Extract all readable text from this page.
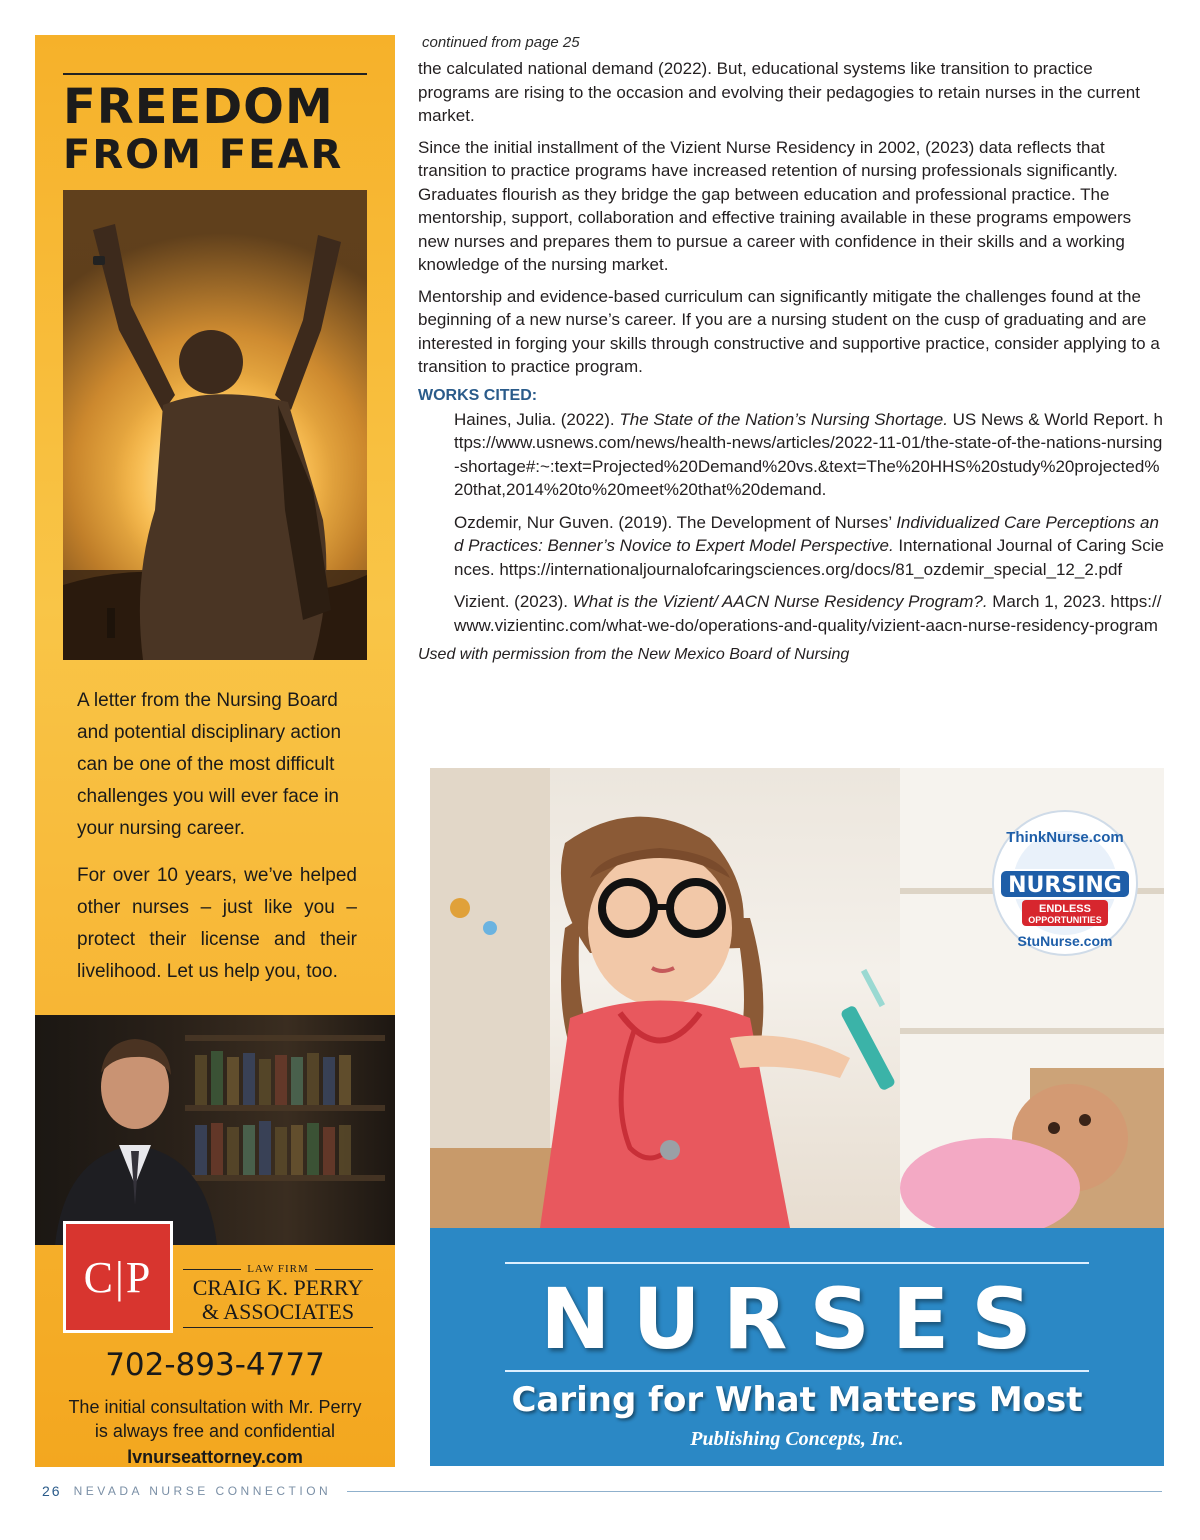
FREEDOM
FROM FEAR

A letter from the Nursing Board and potential disciplinary action can be one of the most difficult challenges you will ever face in your nursing career.

For over 10 years, we’ve helped other nurses – just like you – protect their license and their livelihood. Let us help you, too.

C|P	LAW FIRM
CRAIG K. PERRY
& ASSOCIATES
702-893-4777
The initial consultation with Mr. Perry
is always free and confidential
lvnurseattorney.com
continued from page 25

the calculated national demand (2022). But, educational systems like transition to practice programs are rising to the occasion and evolving their pedagogies to retain nurses in the current market.

Since the initial installment of the Vizient Nurse Residency in 2002, (2023) data reflects that transition to practice programs have increased retention of nursing professionals significantly. Graduates flourish as they bridge the gap between education and professional practice. The mentorship, support, collaboration and effective training available in these programs empowers new nurses and prepares them to pursue a career with confidence in their skills and a working knowledge of the nursing market.

Mentorship and evidence-based curriculum can significantly mitigate the challenges found at the beginning of a new nurse’s career. If you are a nursing student on the cusp of graduating and are interested in forging your skills through constructive and supportive practice, consider applying to a transition to practice program.

WORKS CITED:
Haines, Julia. (2022). The State of the Nation’s Nursing Shortage. US News & World Report. https://www.usnews.com/news/health-news/articles/2022-11-01/the-state-of-the-nations-nursing-shortage#:~:text=Projected%20Demand%20vs.&text=The%20HHS%20study%20projected%20that,2014%20to%20meet%20that%20demand.
Ozdemir, Nur Guven. (2019). The Development of Nurses’ Individualized Care Perceptions and Practices: Benner’s Novice to Expert Model Perspective. International Journal of Caring Sciences. https://internationaljournalofcaringsciences.org/docs/81_ozdemir_special_12_2.pdf
Vizient. (2023). What is the Vizient/ AACN Nurse Residency Program?. March 1, 2023. https://www.vizientinc.com/what-we-do/operations-and-quality/vizient-aacn-nurse-residency-program
Used with permission from the New Mexico Board of Nursing
ThinkNurse.com
NURSING
ENDLESS
OPPORTUNITIES
StuNurse.com
NURSES
Caring for What Matters Most
Publishing Concepts, Inc.
26 NEVADA NURSE CONNECTION
